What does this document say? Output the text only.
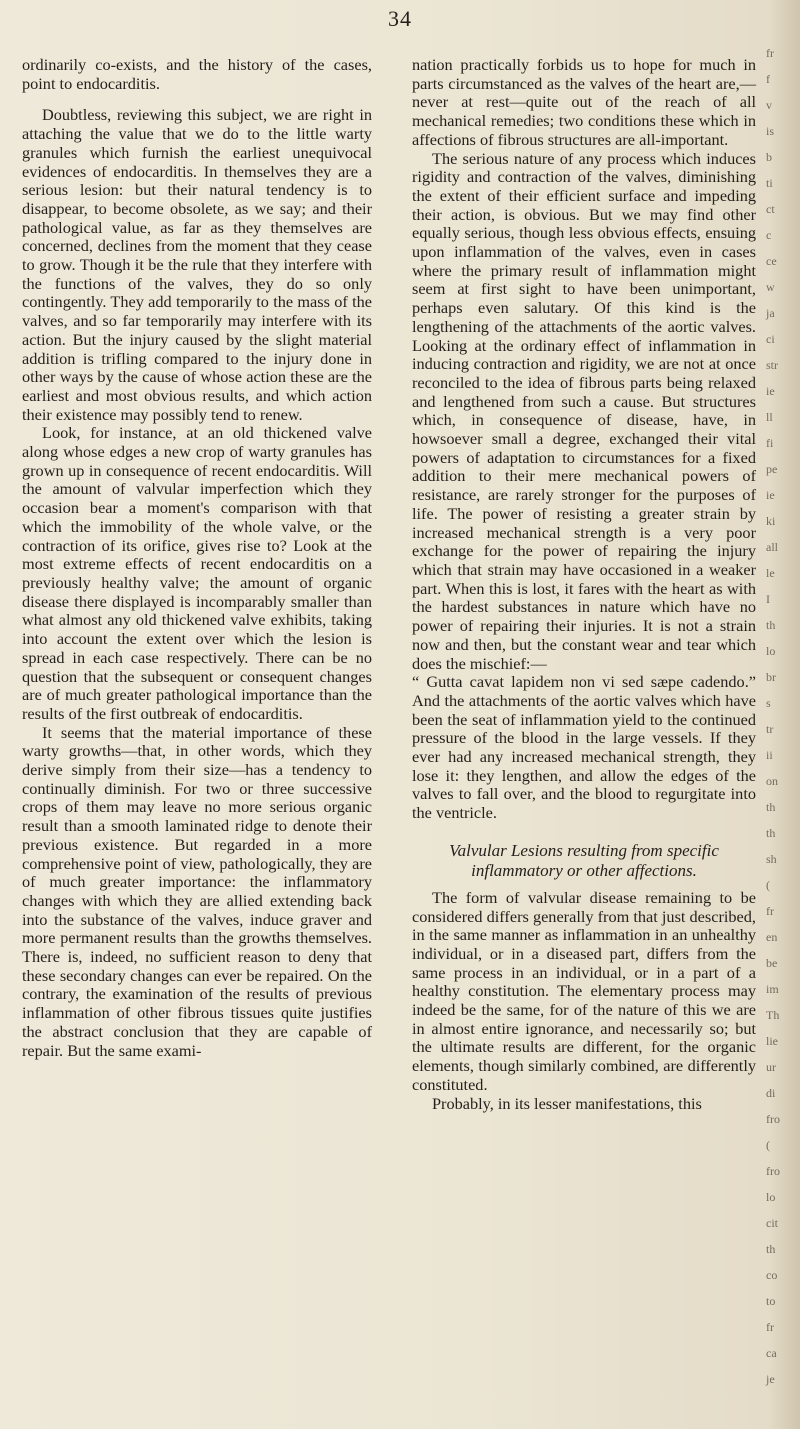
34

ordinarily co-exists, and the history of the cases, point to endocarditis.

Doubtless, reviewing this subject, we are right in attaching the value that we do to the little warty granules which furnish the earliest unequivocal evidences of endocarditis. In themselves they are a serious lesion: but their natural tendency is to disappear, to become obsolete, as we say; and their pathological value, as far as they themselves are concerned, declines from the moment that they cease to grow. Though it be the rule that they interfere with the functions of the valves, they do so only contingently. They add temporarily to the mass of the valves, and so far temporarily may interfere with its action. But the injury caused by the slight material addition is trifling compared to the injury done in other ways by the cause of whose action these are the earliest and most obvious results, and which action their existence may possibly tend to renew.

Look, for instance, at an old thickened valve along whose edges a new crop of warty granules has grown up in consequence of recent endocarditis. Will the amount of valvular imperfection which they occasion bear a moment's comparison with that which the immobility of the whole valve, or the contraction of its orifice, gives rise to? Look at the most extreme effects of recent endocarditis on a previously healthy valve; the amount of organic disease there displayed is incomparably smaller than what almost any old thickened valve exhibits, taking into account the extent over which the lesion is spread in each case respectively. There can be no question that the subsequent or consequent changes are of much greater pathological importance than the results of the first outbreak of endocarditis.

It seems that the material importance of these warty growths—that, in other words, which they derive simply from their size—has a tendency to continually diminish. For two or three successive crops of them may leave no more serious organic result than a smooth laminated ridge to denote their previous existence. But regarded in a more comprehensive point of view, pathologically, they are of much greater importance: the inflammatory changes with which they are allied extending back into the substance of the valves, induce graver and more permanent results than the growths themselves. There is, indeed, no sufficient reason to deny that these secondary changes can ever be repaired. On the contrary, the examination of the results of previous inflammation of other fibrous tissues quite justifies the abstract conclusion that they are capable of repair. But the same exami-

nation practically forbids us to hope for much in parts circumstanced as the valves of the heart are,—never at rest—quite out of the reach of all mechanical remedies; two conditions these which in affections of fibrous structures are all-important.

The serious nature of any process which induces rigidity and contraction of the valves, diminishing the extent of their efficient surface and impeding their action, is obvious. But we may find other equally serious, though less obvious effects, ensuing upon inflammation of the valves, even in cases where the primary result of inflammation might seem at first sight to have been unimportant, perhaps even salutary. Of this kind is the lengthening of the attachments of the aortic valves. Looking at the ordinary effect of inflammation in inducing contraction and rigidity, we are not at once reconciled to the idea of fibrous parts being relaxed and lengthened from such a cause. But structures which, in consequence of disease, have, in howsoever small a degree, exchanged their vital powers of adaptation to circumstances for a fixed addition to their mere mechanical powers of resistance, are rarely stronger for the purposes of life. The power of resisting a greater strain by increased mechanical strength is a very poor exchange for the power of repairing the injury which that strain may have occasioned in a weaker part. When this is lost, it fares with the heart as with the hardest substances in nature which have no power of repairing their injuries. It is not a strain now and then, but the constant wear and tear which does the mischief:—

“ Gutta cavat lapidem non vi sed sæpe cadendo.” And the attachments of the aortic valves which have been the seat of inflammation yield to the continued pressure of the blood in the large vessels. If they ever had any increased mechanical strength, they lose it: they lengthen, and allow the edges of the valves to fall over, and the blood to regurgitate into the ventricle.

Valvular Lesions resulting from specific inflammatory or other affections.

The form of valvular disease remaining to be considered differs generally from that just described, in the same manner as inflammation in an unhealthy individual, or in a diseased part, differs from the same process in an individual, or in a part of a healthy constitution. The elementary process may indeed be the same, for of the nature of this we are in almost entire ignorance, and necessarily so; but the ultimate results are different, for the organic elements, though similarly combined, are differently constituted.

Probably, in its lesser manifestations, this

fr
f
v
is
b
ti
ct
c
ce
w
ja
ci
str
ie
ll
fi
pe
ie
ki
all
le
I
th
lo
br
s
tr
ii
on
th
th
sh
(
fr
en
be
im
Th
lie
ur
di
fro
(
fro
lo
cit
th
co
to
fr
ca
je
